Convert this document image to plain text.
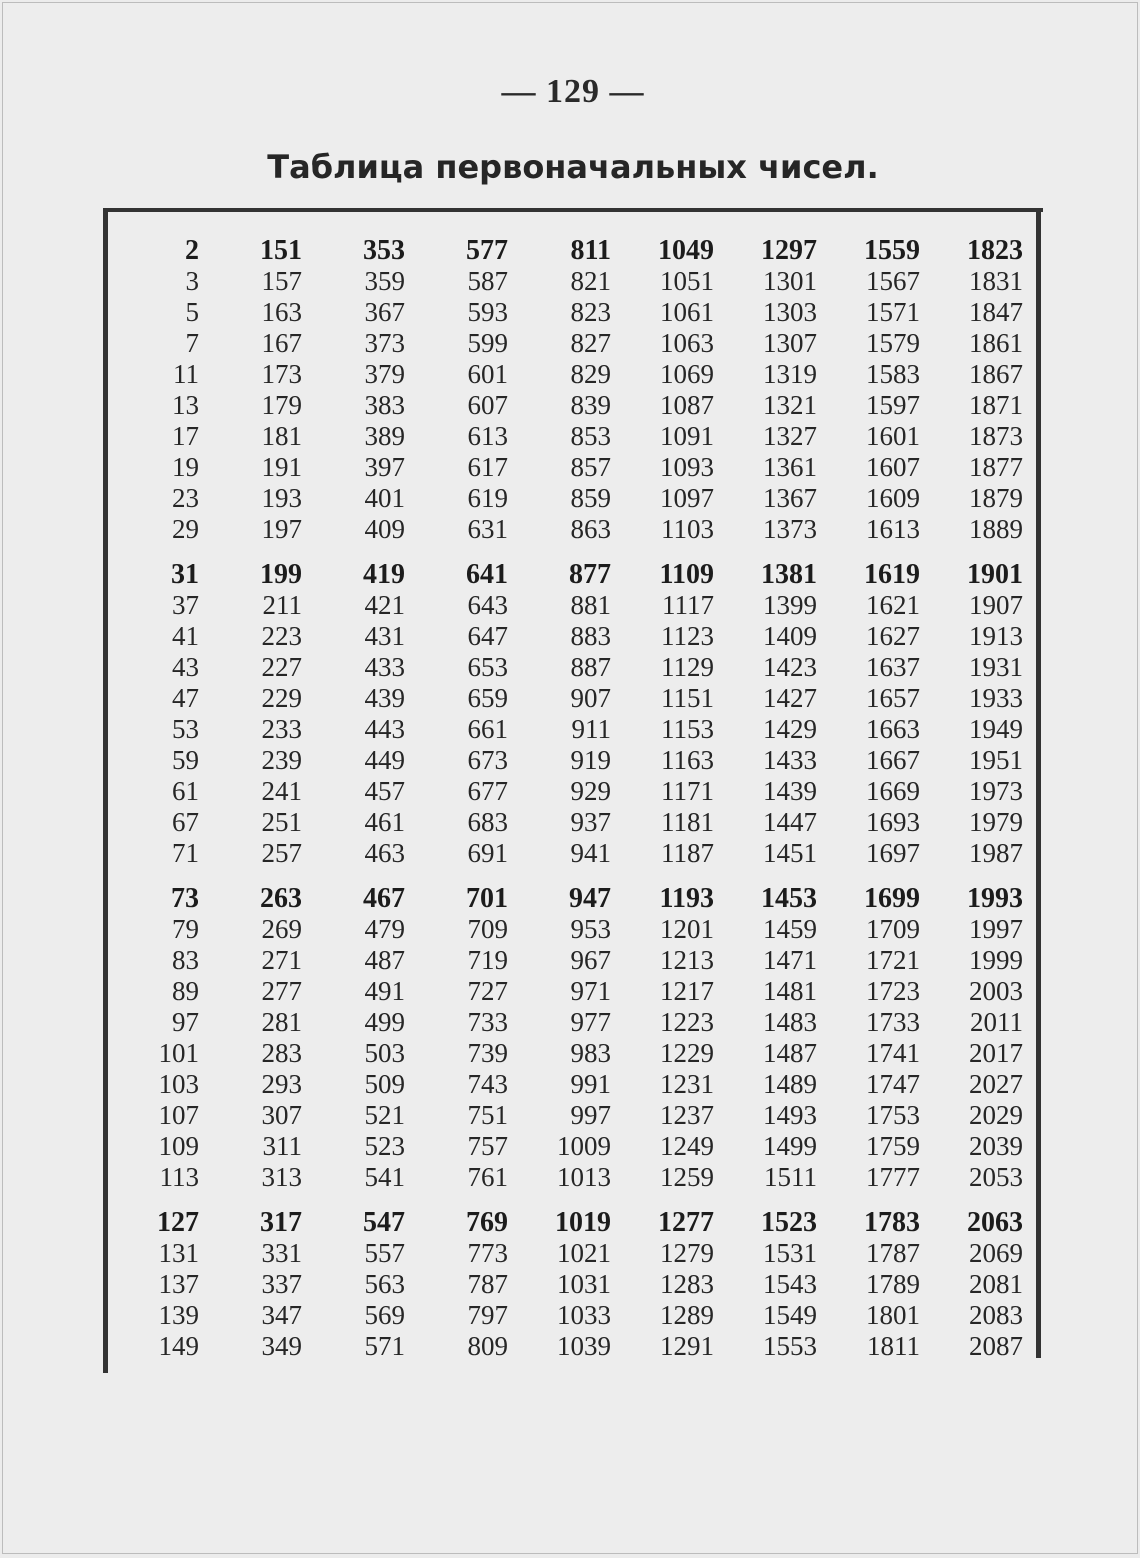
— 129 —
Таблица первоначальных чисел.
2	151	353	577	811	1049	1297	1559	1823
3	157	359	587	821	1051	1301	1567	1831
5	163	367	593	823	1061	1303	1571	1847
7	167	373	599	827	1063	1307	1579	1861
11	173	379	601	829	1069	1319	1583	1867
13	179	383	607	839	1087	1321	1597	1871
17	181	389	613	853	1091	1327	1601	1873
19	191	397	617	857	1093	1361	1607	1877
23	193	401	619	859	1097	1367	1609	1879
29	197	409	631	863	1103	1373	1613	1889
31	199	419	641	877	1109	1381	1619	1901
37	211	421	643	881	1117	1399	1621	1907
41	223	431	647	883	1123	1409	1627	1913
43	227	433	653	887	1129	1423	1637	1931
47	229	439	659	907	1151	1427	1657	1933
53	233	443	661	911	1153	1429	1663	1949
59	239	449	673	919	1163	1433	1667	1951
61	241	457	677	929	1171	1439	1669	1973
67	251	461	683	937	1181	1447	1693	1979
71	257	463	691	941	1187	1451	1697	1987
73	263	467	701	947	1193	1453	1699	1993
79	269	479	709	953	1201	1459	1709	1997
83	271	487	719	967	1213	1471	1721	1999
89	277	491	727	971	1217	1481	1723	2003
97	281	499	733	977	1223	1483	1733	2011
101	283	503	739	983	1229	1487	1741	2017
103	293	509	743	991	1231	1489	1747	2027
107	307	521	751	997	1237	1493	1753	2029
109	311	523	757	1009	1249	1499	1759	2039
113	313	541	761	1013	1259	1511	1777	2053
127	317	547	769	1019	1277	1523	1783	2063
131	331	557	773	1021	1279	1531	1787	2069
137	337	563	787	1031	1283	1543	1789	2081
139	347	569	797	1033	1289	1549	1801	2083
149	349	571	809	1039	1291	1553	1811	2087
